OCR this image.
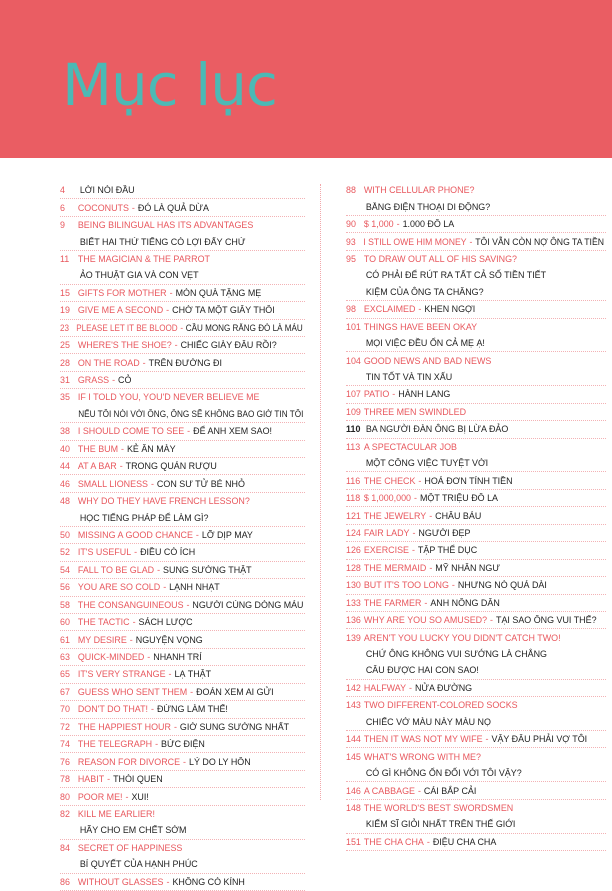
Mục lục
4	LỜI NÓI ĐẦU
6	COCONUTS - ĐÓ LÀ QUẢ DỪA
9	BEING BILINGUAL HAS ITS ADVANTAGES
BIẾT HAI THỨ TIẾNG CÓ LỢI ĐẤY CHỨ
11 THE MAGICIAN & THE PARROT
ẢO THUẬT GIA VÀ CON VẸT
15 GIFTS FOR MOTHER - MÓN QUÀ TẶNG MẸ
19 GIVE ME A SECOND - CHỜ TA MỘT GIÂY THÔI
23 PLEASE LET IT BE BLOOD - CẦU MONG RẰNG ĐÓ LÀ MÁU
25 WHERE'S THE SHOE? - CHIẾC GIÀY ĐÂU RỒI?
28 ON THE ROAD - TRÊN ĐƯỜNG ĐI
31 GRASS - CỎ
35 IF I TOLD YOU, YOU'D NEVER BELIEVE ME
NẾU TÔI NÓI VỚI ÔNG, ÔNG SẼ KHÔNG BAO GIỜ TIN TÔI
38 I SHOULD COME TO SEE - ĐỂ ANH XEM SAO!
40 THE BUM - KẺ ĂN MÀY
44 AT A BAR - TRONG QUÁN RƯỢU
46 SMALL LIONESS - CON SƯ TỬ BÉ NHỎ
48 WHY DO THEY HAVE FRENCH LESSON?
HỌC TIẾNG PHÁP ĐỂ LÀM GÌ?
50 MISSING A GOOD CHANCE - LỠ DỊP MAY
52 IT'S USEFUL - ĐIỀU CÓ ÍCH
54 FALL TO BE GLAD - SUNG SƯỚNG THẬT
56 YOU ARE SO COLD - LẠNH NHẠT
58 THE CONSANGUINEOUS - NGƯỜI CÙNG DÒNG MÁU
60 THE TACTIC - SÁCH LƯỢC
61 MY DESIRE - NGUYỆN VỌNG
63 QUICK-MINDED - NHANH TRÍ
65 IT'S VERY STRANGE - LẠ THẬT
67 GUESS WHO SENT THEM - ĐOÁN XEM AI GỬI
70 DON'T DO THAT! - ĐỪNG LÀM THẾ!
72 THE HAPPIEST HOUR - GIỜ SUNG SƯỚNG NHẤT
74 THE TELEGRAPH - BỨC ĐIỆN
76 REASON FOR DIVORCE - LÝ DO LY HÔN
78 HABIT - THÓI QUEN
80 POOR ME! - XUI!
82 KILL ME EARLIER!
HÃY CHO EM CHẾT SỚM
84 SECRET OF HAPPINESS
BÍ QUYẾT CỦA HẠNH PHÚC
86 WITHOUT GLASSES - KHÔNG CÓ KÍNH
88 WITH CELLULAR PHONE?
BẰNG ĐIỆN THOẠI DI ĐỘNG?
90 $ 1,000 - 1.000 ĐÔ LA
93 I STILL OWE HIM MONEY - TÔI VẪN CÒN NỢ ÔNG TA TIỀN
95 TO DRAW OUT ALL OF HIS SAVING?
CÓ PHẢI ĐỂ RÚT RA TẤT CẢ SỐ TIỀN TIẾT
KIỆM CỦA ÔNG TA CHĂNG?
98 EXCLAIMED - KHEN NGỢI
101 THINGS HAVE BEEN OKAY
MỌI VIỆC ĐỀU ỔN CẢ MẸ Ạ!
104 GOOD NEWS AND BAD NEWS
TIN TỐT VÀ TIN XẤU
107 PATIO - HÀNH LANG
109 THREE MEN SWINDLED
110 BA NGƯỜI ĐÀN ÔNG BỊ LỪA ĐẢO
113 A SPECTACULAR JOB
MỘT CÔNG VIỆC TUYỆT VỜI
116 THE CHECK - HOÁ ĐƠN TÍNH TIỀN
118 $ 1,000,000 - MỘT TRIỆU ĐÔ LA
121 THE JEWELRY - CHÂU BÁU
124 FAIR LADY - NGƯỜI ĐẸP
126 EXERCISE - TẬP THỂ DỤC
128 THE MERMAID - MỸ NHÂN NGƯ
130 BUT IT'S TOO LONG - NHƯNG NÓ QUÁ DÀI
133 THE FARMER - ANH NÔNG DÂN
136 WHY ARE YOU SO AMUSED? - TẠI SAO ÔNG VUI THẾ?
139 AREN'T YOU LUCKY YOU DIDN'T CATCH TWO!
CHỨ ÔNG KHÔNG VUI SƯỚNG LÀ CHẲNG
CÂU ĐƯỢC HAI CON SAO!
142 HALFWAY - NỬA ĐƯỜNG
143 TWO DIFFERENT-COLORED SOCKS
CHIẾC VỚ MÀU NÀY MÀU NỌ
144 THEN IT WAS NOT MY WIFE - VẬY ĐÂU PHẢI VỢ TÔI
145 WHAT'S WRONG WITH ME?
CÓ GÌ KHÔNG ỔN ĐỐI VỚI TÔI VẬY?
146 A CABBAGE - CÁI BẮP CẢI
148 THE WORLD'S BEST SWORDSMEN
KIẾM SĨ GIỎI NHẤT TRÊN THẾ GIỚI
151 THE CHA CHA - ĐIỆU CHA CHA
